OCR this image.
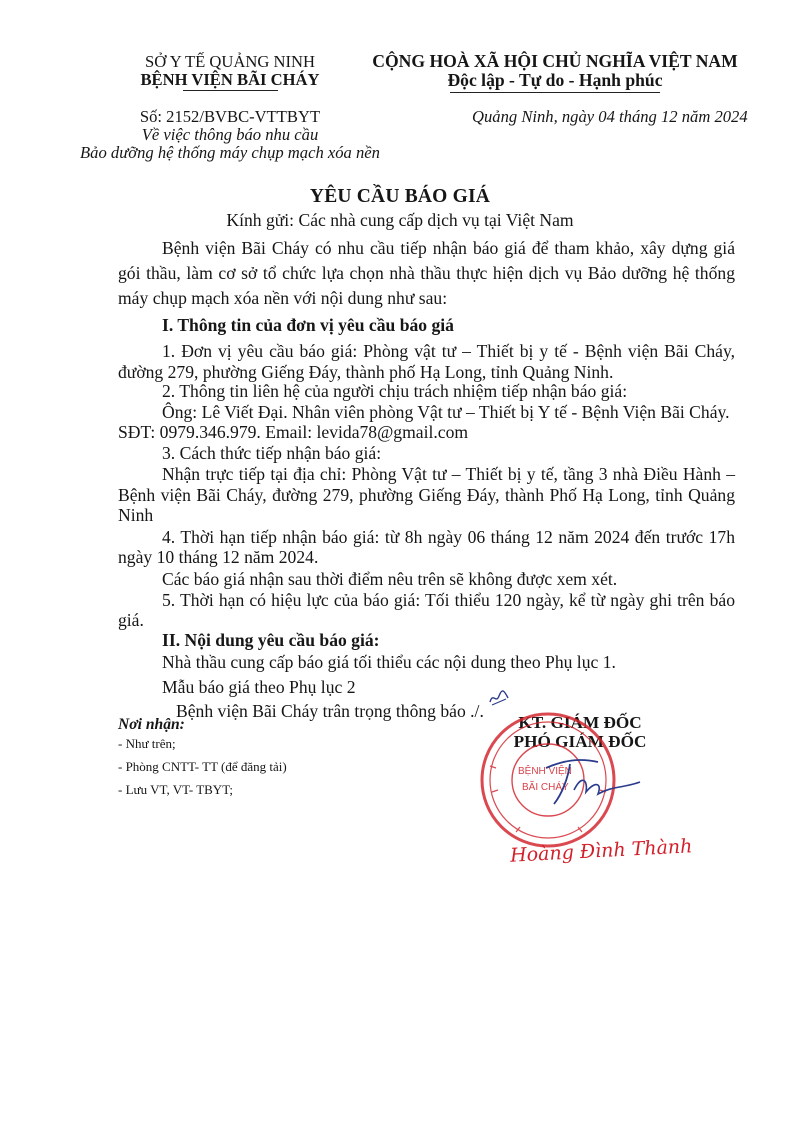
SỞ Y TẾ QUẢNG NINH
BỆNH VIỆN BÃI CHÁY
Số: 2152/BVBC-VTTBYT
Về việc thông báo nhu cầu
Bảo dưỡng hệ thống máy chụp mạch xóa nền
CỘNG HOÀ XÃ HỘI CHỦ NGHĨA VIỆT NAM
Độc lập - Tự do - Hạnh phúc
Quảng Ninh, ngày 04 tháng 12 năm 2024
YÊU CẦU BÁO GIÁ
Kính gửi: Các nhà cung cấp dịch vụ tại Việt Nam
Bệnh viện Bãi Cháy có nhu cầu tiếp nhận báo giá để tham khảo, xây dựng giá
gói thầu, làm cơ sở tổ chức lựa chọn nhà thầu thực hiện dịch vụ Bảo dưỡng hệ thống
máy chụp mạch xóa nền với nội dung như sau:
I. Thông tin của đơn vị yêu cầu báo giá
1. Đơn vị yêu cầu báo giá: Phòng vật tư – Thiết bị y tế - Bệnh viện Bãi Cháy,
đường 279, phường Giếng Đáy, thành phố Hạ Long, tỉnh Quảng Ninh.
2. Thông tin liên hệ của người chịu trách nhiệm tiếp nhận báo giá:
Ông: Lê Viết Đại. Nhân viên phòng Vật tư – Thiết bị Y tế - Bệnh Viện Bãi Cháy.
SĐT: 0979.346.979. Email: levida78@gmail.com
3. Cách thức tiếp nhận báo giá:
Nhận trực tiếp tại địa chỉ: Phòng Vật tư – Thiết bị y tế, tầng 3 nhà Điều Hành –
Bệnh viện Bãi Cháy, đường 279, phường Giếng Đáy, thành Phố Hạ Long, tỉnh Quảng
Ninh
4. Thời hạn tiếp nhận báo giá: từ 8h ngày 06 tháng 12 năm 2024 đến trước 17h
ngày 10 tháng 12 năm 2024.
Các báo giá nhận sau thời điểm nêu trên sẽ không được xem xét.
5. Thời hạn có hiệu lực của báo giá: Tối thiểu 120 ngày, kể từ ngày ghi trên báo
giá.
II. Nội dung yêu cầu báo giá:
Nhà thầu cung cấp báo giá tối thiểu các nội dung theo Phụ lục 1.
Mẫu báo giá theo Phụ lục 2
Bệnh viện Bãi Cháy trân trọng thông báo ./.
Nơi nhận:
- Như trên;
- Phòng CNTT- TT (để đăng tải)
- Lưu VT, VT- TBYT;
KT. GIÁM ĐỐC
PHÓ GIÁM ĐỐC
BỆNH VIỆN
BÃI CHÁY
Hoàng Đình Thành
